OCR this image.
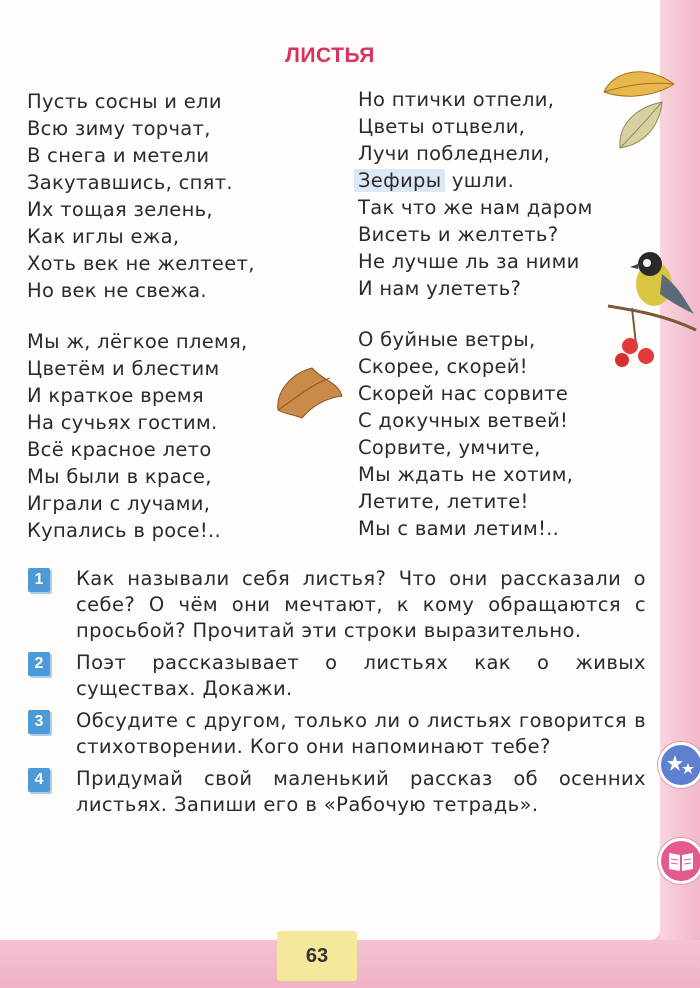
ЛИСТЬЯ
Пусть сосны и ели
Всю зиму торчат,
В снега и метели
Закутавшись, спят.
Их тощая зелень,
Как иглы ежа,
Хоть век не желтеет,
Но век не свежа.
Но птички отпели,
Цветы отцвели,
Лучи побледнели,
Зефиры ушли.
Так что же нам даром
Висеть и желтеть?
Не лучше ль за ними
И нам улететь?
Мы ж, лёгкое племя,
Цветём и блестим
И краткое время
На сучьях гостим.
Всё красное лето
Мы были в красе,
Играли с лучами,
Купались в росе!..
О буйные ветры,
Скорее, скорей!
Скорей нас сорвите
С докучных ветвей!
Сорвите, умчите,
Мы ждать не хотим,
Летите, летите!
Мы с вами летим!..
1	Как называли себя листья? Что они рассказали о себе? О чём они мечтают, к кому обращаются с просьбой? Прочитай эти строки выразительно.
2	Поэт рассказывает о листьях как о живых существах. Докажи.
3	Обсудите с другом, только ли о листьях говорится в стихотворении. Кого они напоминают тебе?
4	Придумай свой маленький рассказ об осенних листьях. Запиши его в «Рабочую тетрадь».
63
